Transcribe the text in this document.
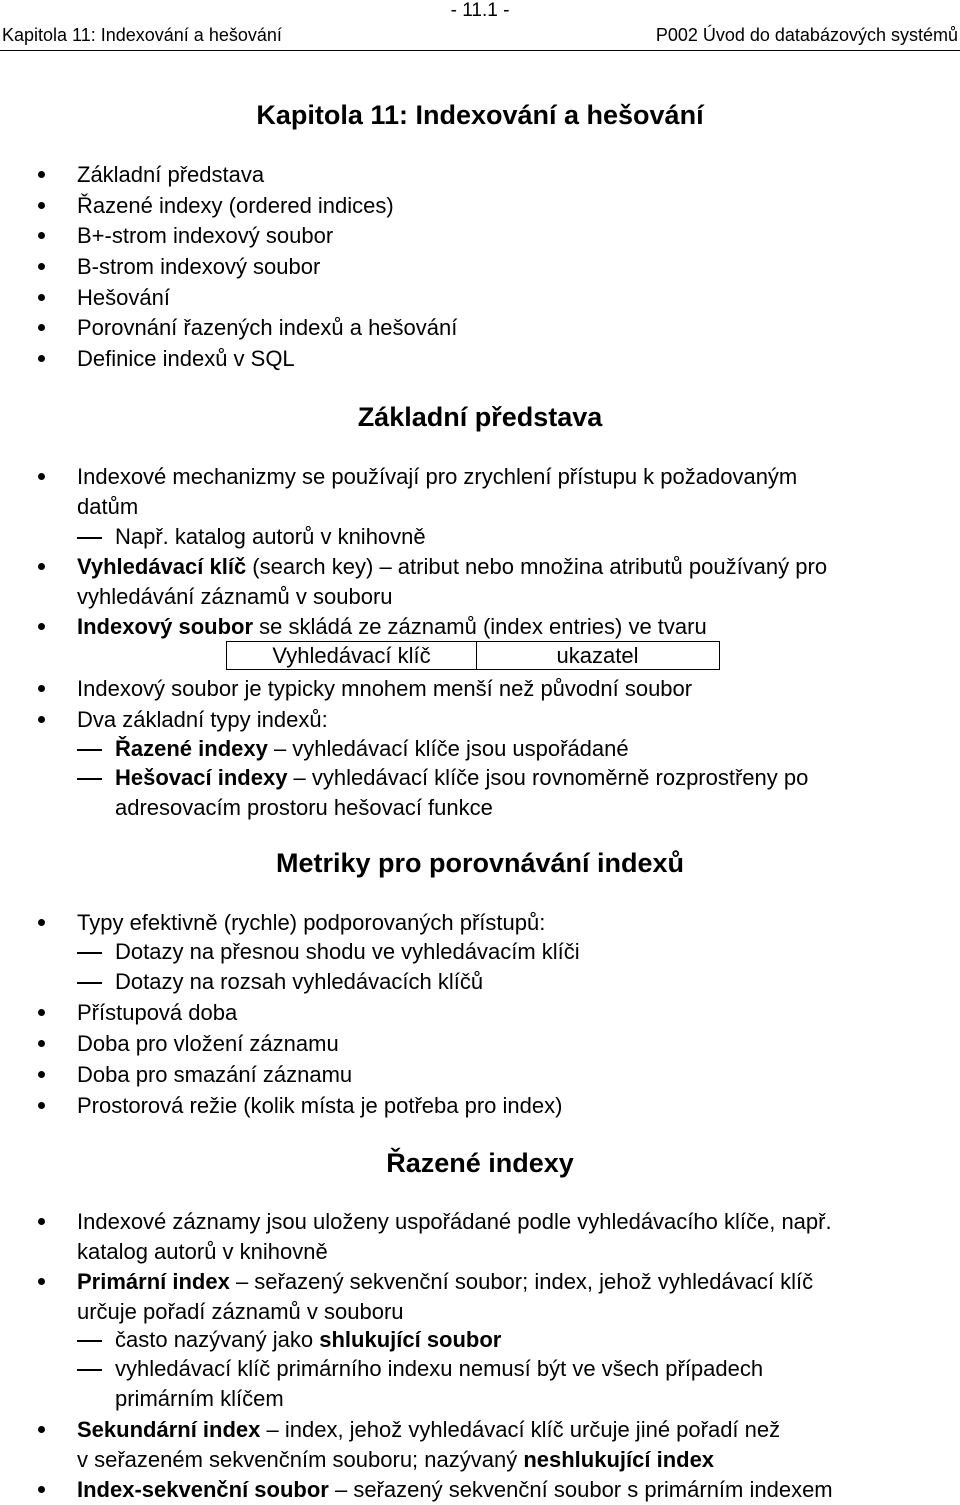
- 11.1 -
Kapitola 11: Indexování a hešování	P002 Úvod do databázových systémů
Kapitola 11: Indexování a hešování
Základní představa
Řazené indexy (ordered indices)
B+-strom indexový soubor
B-strom indexový soubor
Hešování
Porovnání řazených indexů a hešování
Definice indexů v SQL
Základní představa
Indexové mechanizmy se používají pro zrychlení přístupu k požadovaným
datům
Např. katalog autorů v knihovně
Vyhledávací klíč (search key) – atribut nebo množina atributů používaný pro
vyhledávání záznamů v souboru
Indexový soubor se skládá ze záznamů (index entries) ve tvaru
Vyhledávací klíč	ukazatel
Indexový soubor je typicky mnohem menší než původní soubor
Dva základní typy indexů:
Řazené indexy – vyhledávací klíče jsou uspořádané
Hešovací indexy – vyhledávací klíče jsou rovnoměrně rozprostřeny po
adresovacím prostoru hešovací funkce
Metriky pro porovnávání indexů
Typy efektivně (rychle) podporovaných přístupů:
Dotazy na přesnou shodu ve vyhledávacím klíči
Dotazy na rozsah vyhledávacích klíčů
Přístupová doba
Doba pro vložení záznamu
Doba pro smazání záznamu
Prostorová režie (kolik místa je potřeba pro index)
Řazené indexy
Indexové záznamy jsou uloženy uspořádané podle vyhledávacího klíče, např.
katalog autorů v knihovně
Primární index – seřazený sekvenční soubor; index, jehož vyhledávací klíč
určuje pořadí záznamů v souboru
často nazývaný jako shlukující soubor
vyhledávací klíč primárního indexu nemusí být ve všech případech
primárním klíčem
Sekundární index – index, jehož vyhledávací klíč určuje jiné pořadí než
v seřazeném sekvenčním souboru; nazývaný neshlukující index
Index-sekvenční soubor – seřazený sekvenční soubor s primárním indexem
